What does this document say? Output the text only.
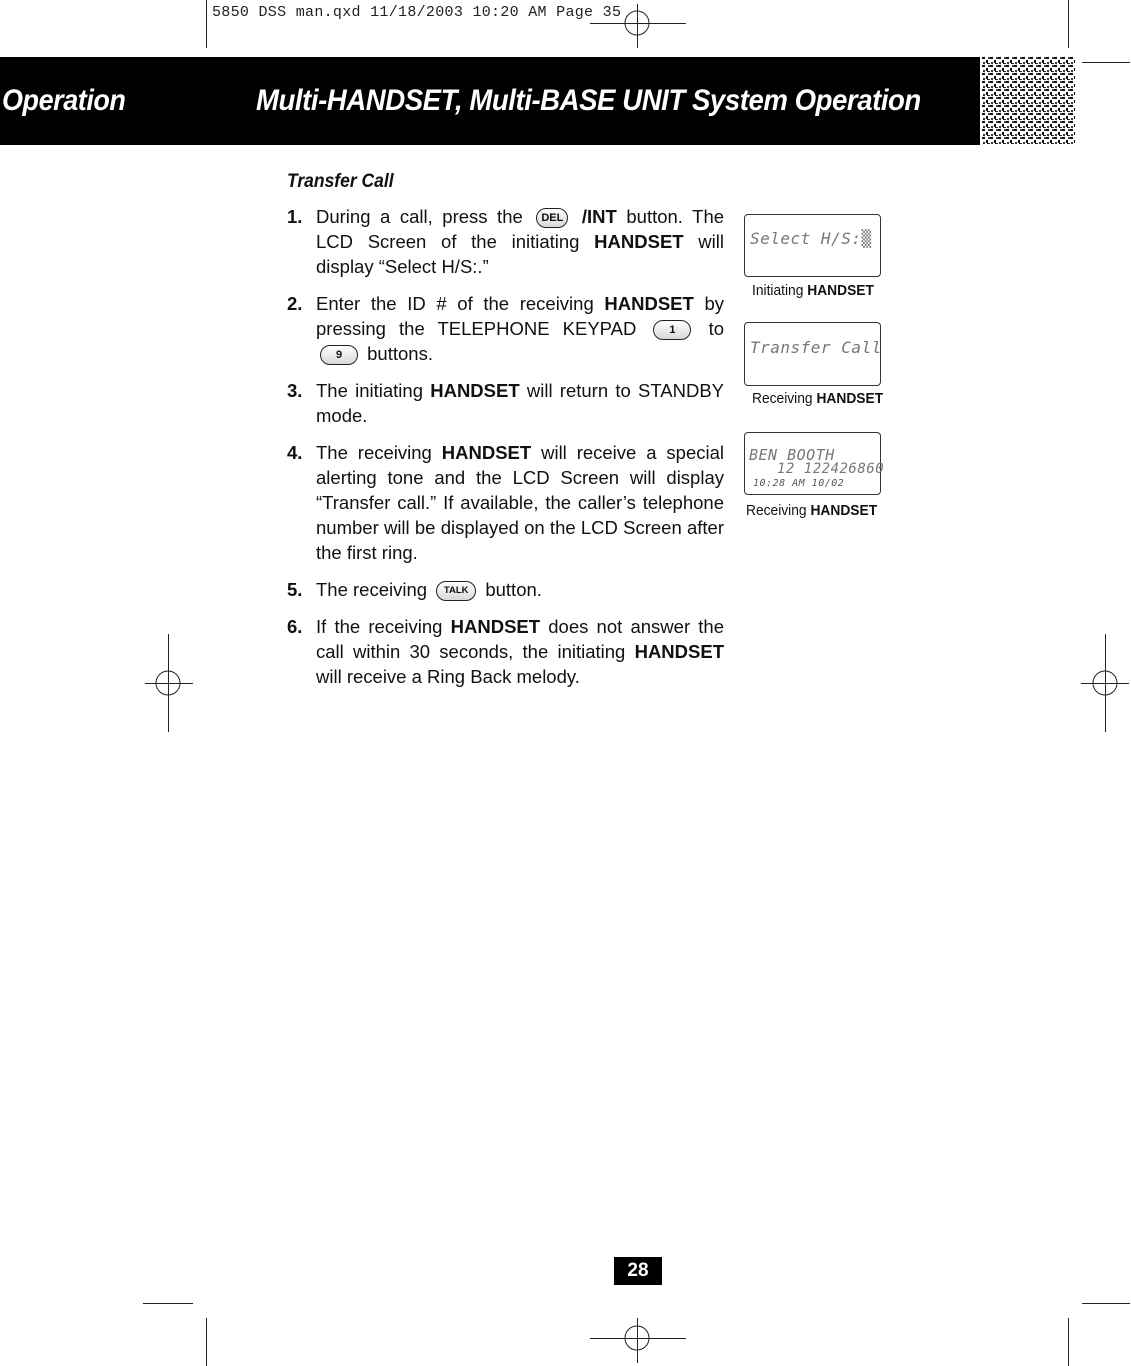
5850 DSS man.qxd 11/18/2003 10:20 AM Page 35
Operation	Multi-HANDSET, Multi-BASE UNIT System Operation
Transfer Call
1. During a call, press the DEL /INT button. The LCD Screen of the initiating HANDSET will display “Select H/S:.”
2. Enter the ID # of the receiving HANDSET by pressing the TELEPHONE KEYPAD	1 to 9 buttons.
3. The initiating HANDSET will return to STANDBY mode.
4. The receiving HANDSET will receive a special alerting tone and the LCD Screen will display “Transfer call.” If available, the caller’s telephone number will be displayed on the LCD Screen after the first ring.
5. The receiving TALK button.
6. If the receiving HANDSET does not answer the call within 30 seconds, the initiating HANDSET will receive a Ring Back melody.
Select H/S:▒
Initiating HANDSET
Transfer Call
Receiving HANDSET
BEN BOOTH
12 122426860
10:28 AM 10/02
Receiving HANDSET
28
